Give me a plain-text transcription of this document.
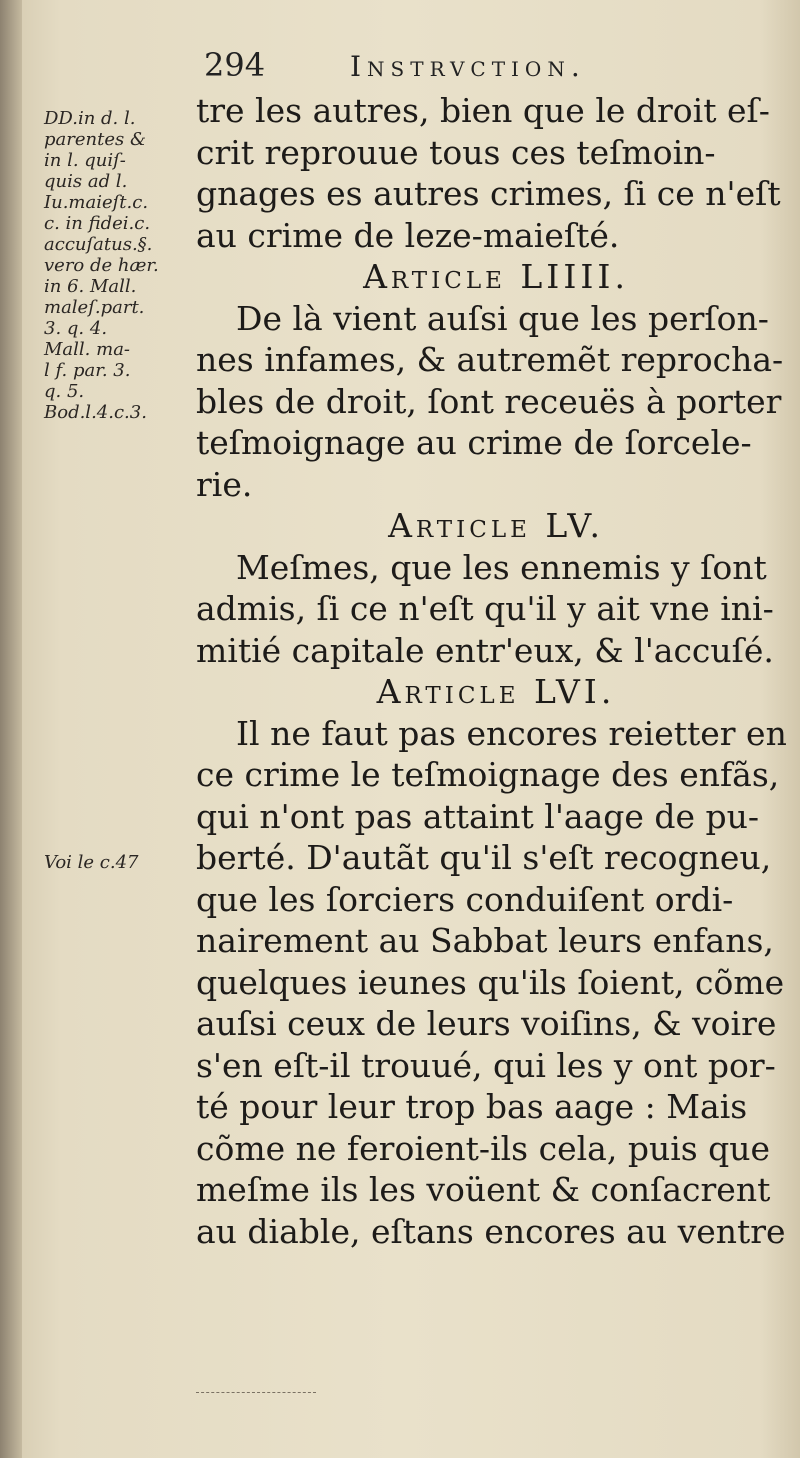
294	Instrvction.
DD.in d. l.
parentes &
in l. quiſ-
quis ad l.
Iu.maieſt.c.
c. in fidei.c.
accuſatus.§.
vero de hær.
in 6. Mall.
maleſ.part.
3. q. 4.
Mall. ma-
l f. par. 3.
q. 5.
Bod.l.4.c.3.
Voi le c.47
tre les autres, bien que le droit eſ-
crit reprouue tous ces teſmoin-
gnages es autres crimes, ſi ce n'eſt
au crime de leze-maieſté.
Article LIIII.
De là vient auſsi que les perſon-
nes infames, & autremẽt reprocha-
bles de droit, ſont receuës à porter
teſmoignage au crime de ſorcele-
rie.
Article LV.
Meſmes, que les ennemis y ſont
admis, ſi ce n'eſt qu'il y ait vne ini-
mitié capitale entr'eux, & l'accuſé.
Article LVI.
Il ne faut pas encores reietter en
ce crime le teſmoignage des enfãs,
qui n'ont pas attaint l'aage de pu-
berté. D'autãt qu'il s'eſt recogneu,
que les ſorciers conduiſent ordi-
nairement au Sabbat leurs enfans,
quelques ieunes qu'ils ſoient, cõme
auſsi ceux de leurs voiſins, & voire
s'en eſt-il trouué, qui les y ont por-
té pour leur trop bas aage : Mais
cõme ne feroient-ils cela, puis que
meſme ils les voüent & conſacrent
au diable, eſtans encores au ventre
